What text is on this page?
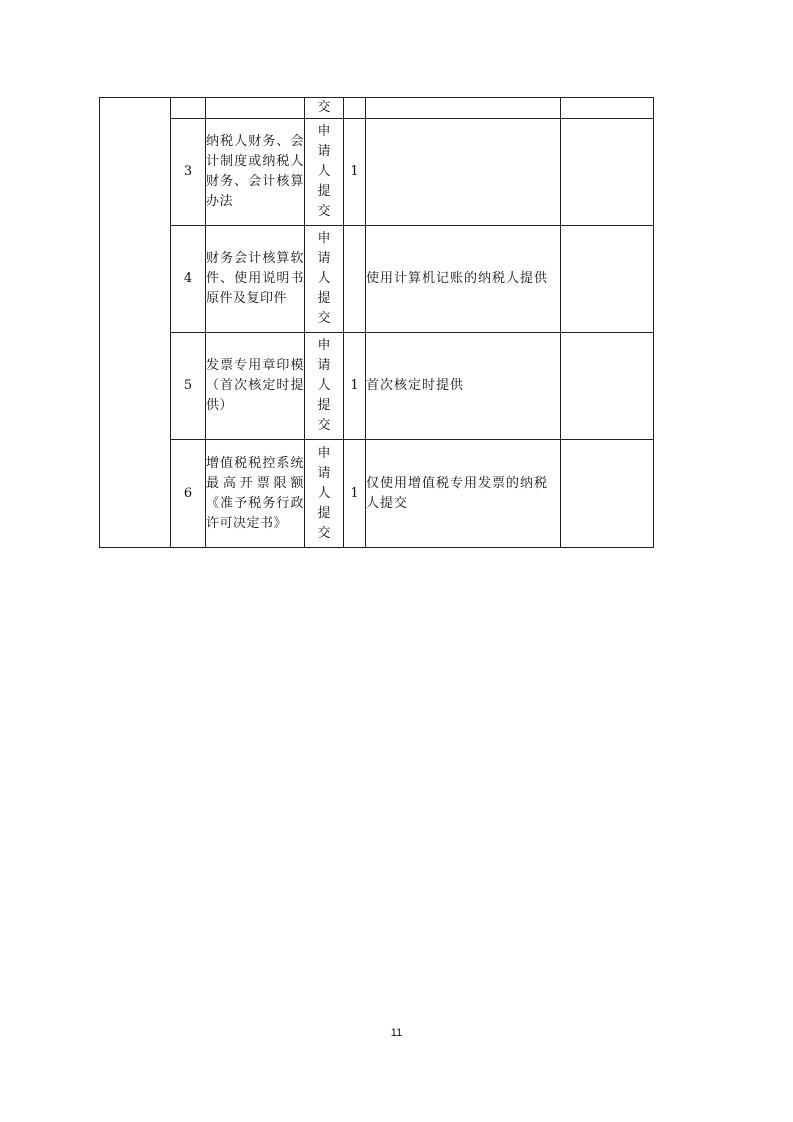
			交			

	3	纳税人财务、会计制度或纳税人财务、会计核算办法	申请人提交	1		
	4	财务会计核算软件、使用说明书原件及复印件	申请人提交		使用计算机记账的纳税人提供	
	5	发票专用章印模（首次核定时提供）	申请人提交	1	首次核定时提供	
	6	增值税税控系统最高开票限额《准予税务行政许可决定书》	申请人提交	1	仅使用增值税专用发票的纳税人提交	
11
